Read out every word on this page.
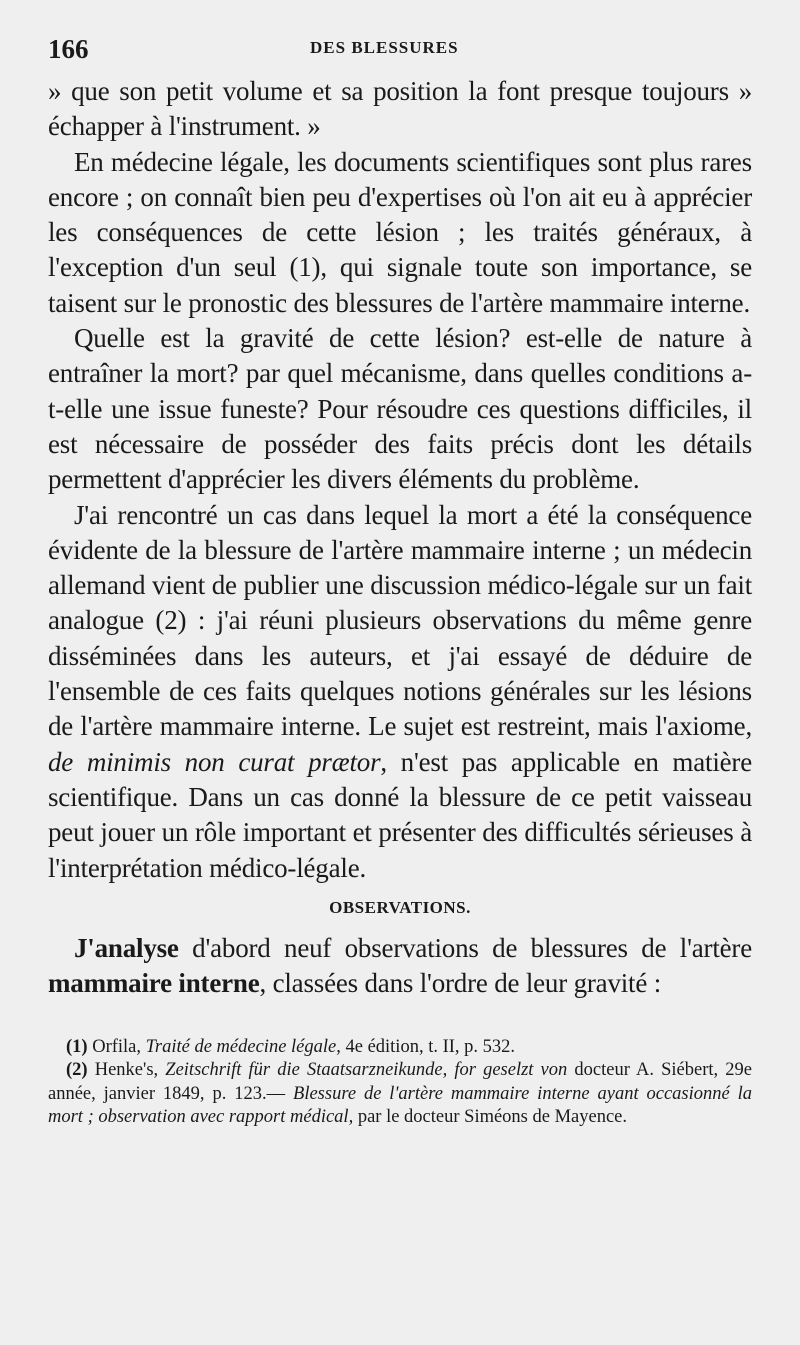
166	DES BLESSURES

» que son petit volume et sa position la font presque toujours » échapper à l'instrument. »

En médecine légale, les documents scientifiques sont plus rares encore ; on connaît bien peu d'expertises où l'on ait eu à apprécier les conséquences de cette lésion ; les traités généraux, à l'exception d'un seul (1), qui signale toute son importance, se taisent sur le pronostic des blessures de l'artère mammaire interne.

Quelle est la gravité de cette lésion? est-elle de nature à entraîner la mort? par quel mécanisme, dans quelles conditions a-t-elle une issue funeste? Pour résoudre ces questions difficiles, il est nécessaire de posséder des faits précis dont les détails permettent d'apprécier les divers éléments du problème.

J'ai rencontré un cas dans lequel la mort a été la conséquence évidente de la blessure de l'artère mammaire interne ; un médecin allemand vient de publier une discussion médico-légale sur un fait analogue (2) : j'ai réuni plusieurs observations du même genre disséminées dans les auteurs, et j'ai essayé de déduire de l'ensemble de ces faits quelques notions générales sur les lésions de l'artère mammaire interne. Le sujet est restreint, mais l'axiome, de minimis non curat prætor, n'est pas applicable en matière scientifique. Dans un cas donné la blessure de ce petit vaisseau peut jouer un rôle important et présenter des difficultés sérieuses à l'interprétation médico-légale.

OBSERVATIONS.

J'analyse d'abord neuf observations de blessures de l'artère mammaire interne, classées dans l'ordre de leur gravité :

(1) Orfila, Traité de médecine légale, 4e édition, t. II, p. 532.

(2) Henke's, Zeitschrift für die Staatsarzneikunde, for geselzt von docteur A. Siébert, 29e année, janvier 1849, p. 123.— Blessure de l'artère mammaire interne ayant occasionné la mort ; observation avec rapport médical, par le docteur Siméons de Mayence.
